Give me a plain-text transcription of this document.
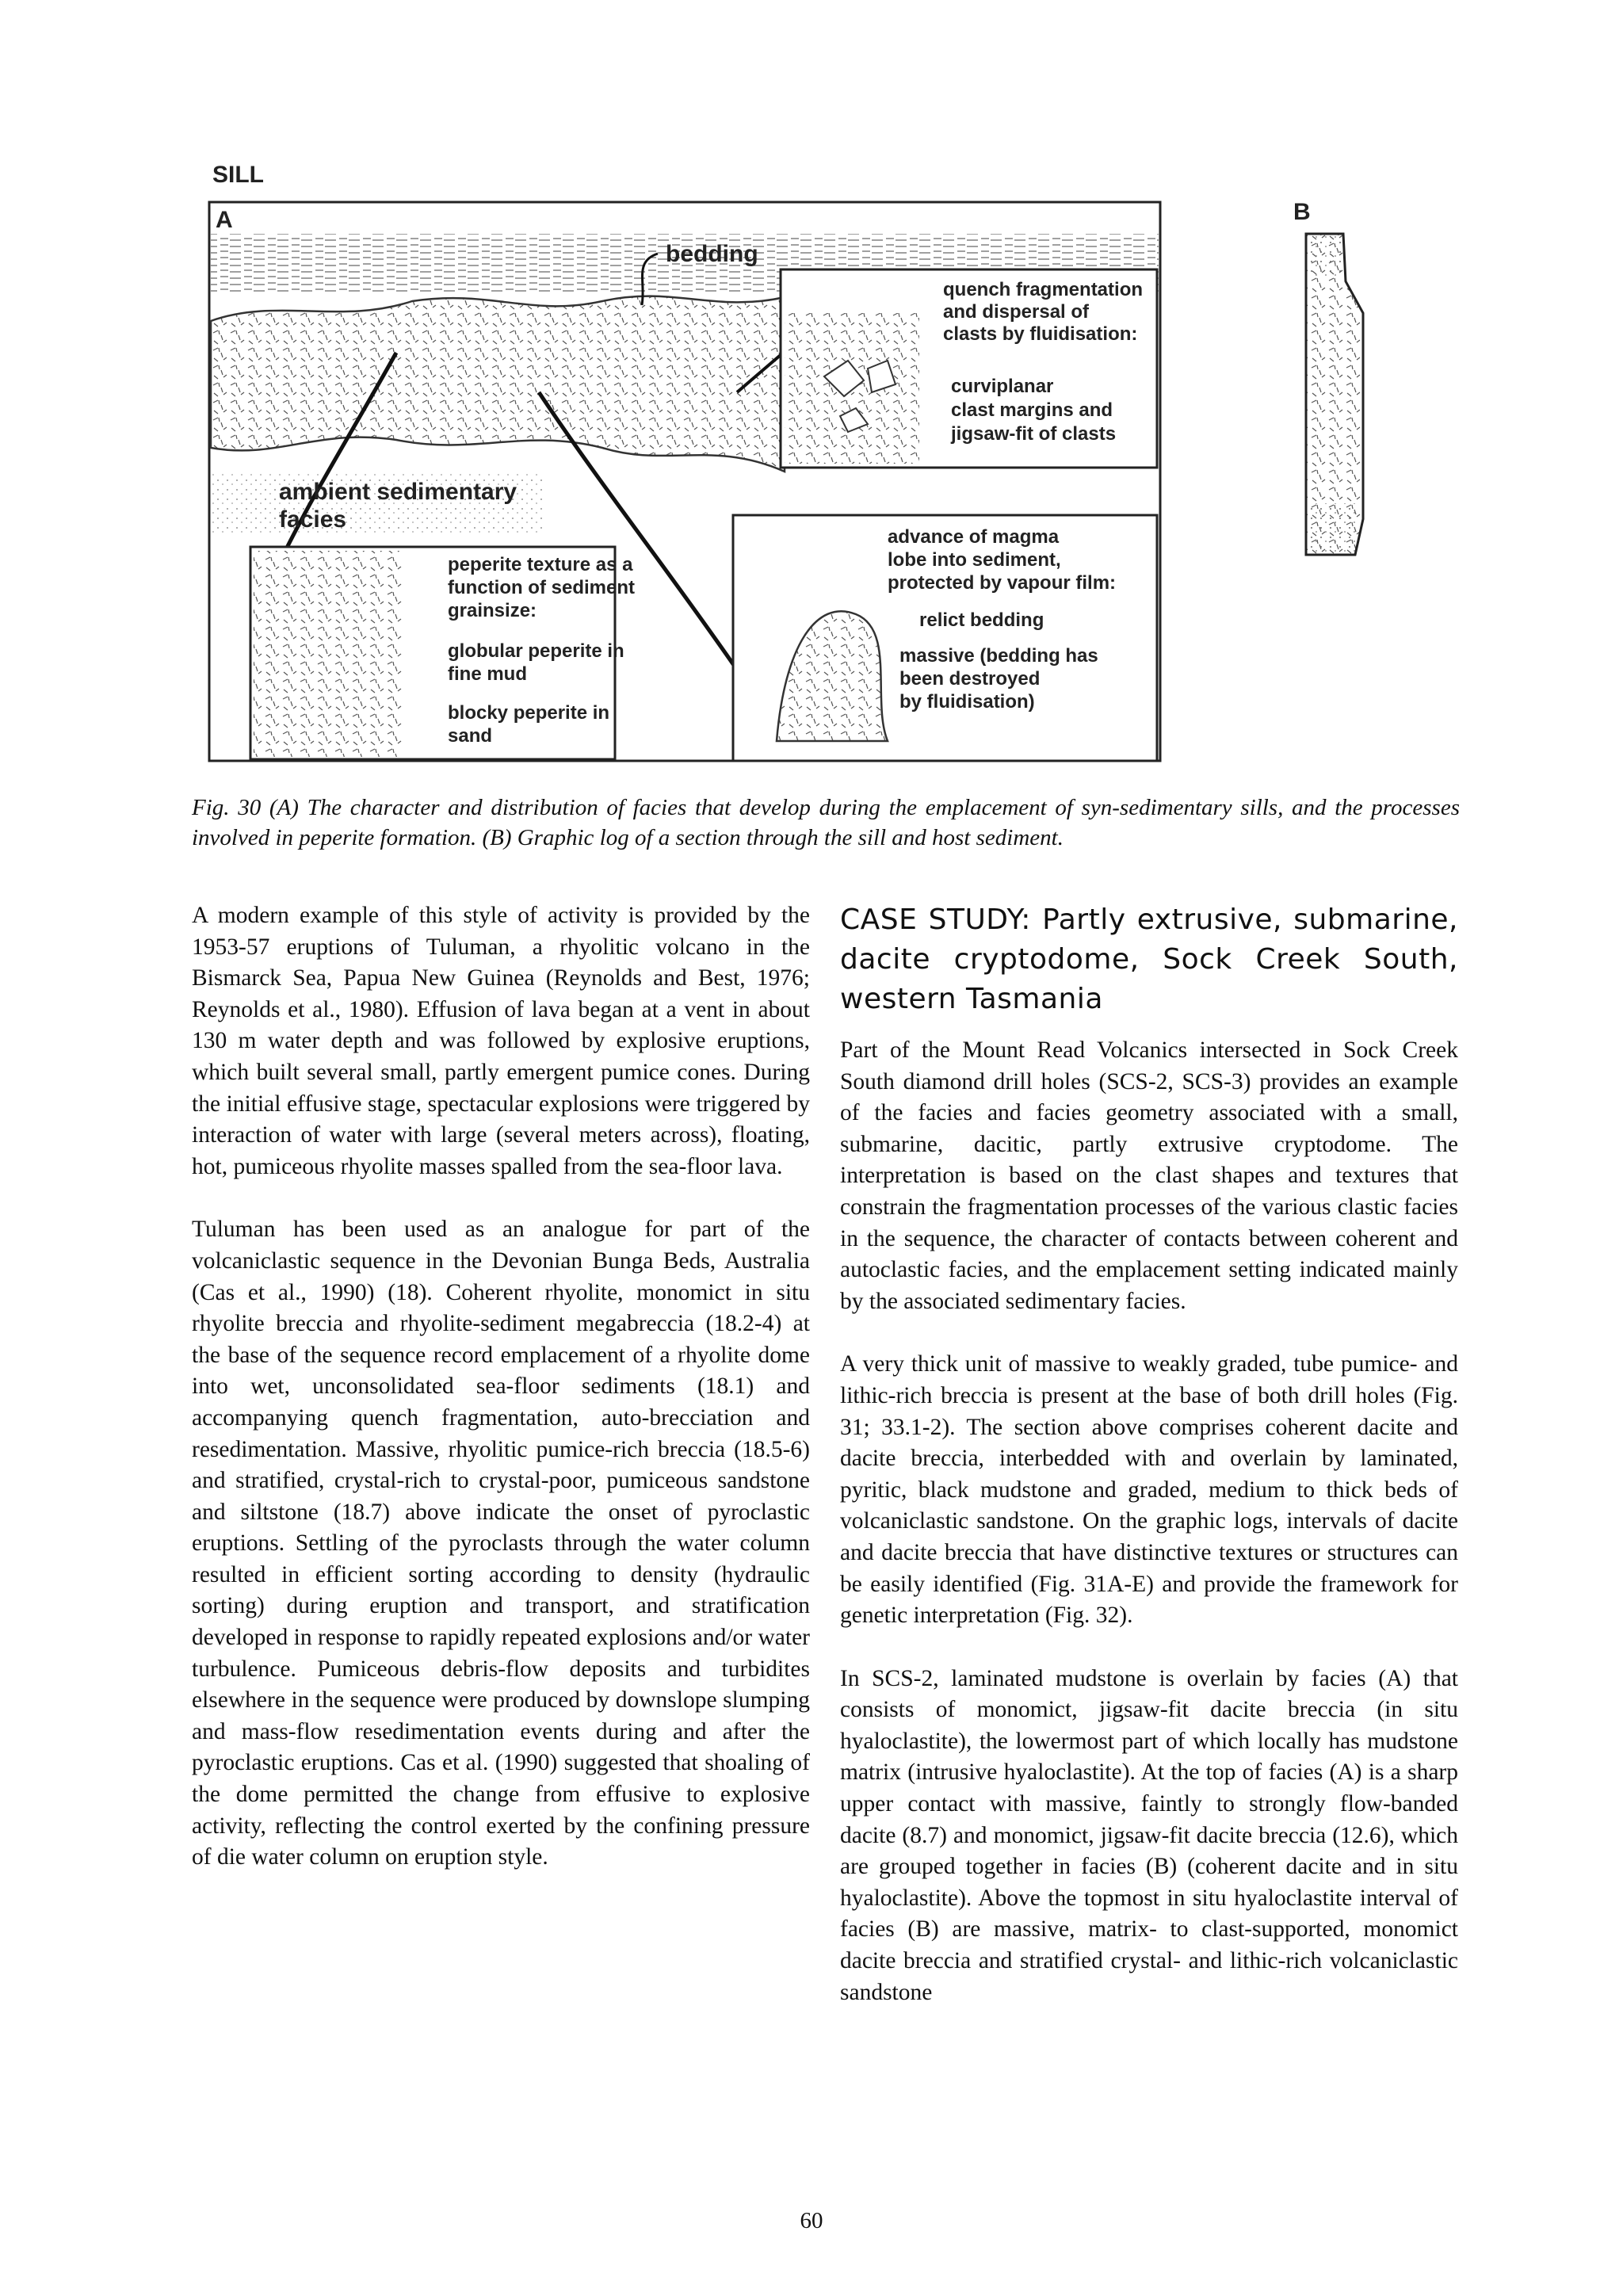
SILL
A
bedding
quench fragmentation and dispersal of clasts by fluidisation:
curviplanar clast margins and jigsaw-fit of clasts
ambient sedimentary facies
peperite texture as a function of sediment grainsize:
globular peperite in fine mud
blocky peperite in sand
advance of magma lobe into sediment, protected by vapour film:
relict bedding
massive (bedding has been destroyed by fluidisation)
B
Fig. 30 (A) The character and distribution of facies that develop during the emplacement of syn-sedimentary sills, and the processes involved in peperite formation. (B) Graphic log of a section through the sill and host sediment.

A modern example of this style of activity is provided by the 1953-57 eruptions of Tuluman, a rhyolitic volcano in the Bismarck Sea, Papua New Guinea (Reynolds and Best, 1976; Reynolds et al., 1980). Effusion of lava began at a vent in about 130 m water depth and was followed by explosive eruptions, which built several small, partly emergent pumice cones. During the initial effusive stage, spectacular explosions were triggered by interaction of water with large (several meters across), floating, hot, pumiceous rhyolite masses spalled from the sea-floor lava.

Tuluman has been used as an analogue for part of the volcaniclastic sequence in the Devonian Bunga Beds, Australia (Cas et al., 1990) (18). Coherent rhyolite, monomict in situ rhyolite breccia and rhyolite-sediment megabreccia (18.2-4) at the base of the sequence record emplacement of a rhyolite dome into wet, unconsolidated sea-floor sediments (18.1) and accompanying quench fragmentation, auto-brecciation and resedimentation. Massive, rhyolitic pumice-rich breccia (18.5-6) and stratified, crystal-rich to crystal-poor, pumiceous sandstone and siltstone (18.7) above indicate the onset of pyroclastic eruptions. Settling of the pyroclasts through the water column resulted in efficient sorting according to density (hydraulic sorting) during eruption and transport, and stratification developed in response to rapidly repeated explosions and/or water turbulence. Pumiceous debris-flow deposits and turbidites elsewhere in the sequence were produced by downslope slumping and mass-flow resedimentation events during and after the pyroclastic eruptions. Cas et al. (1990) suggested that shoaling of the dome permitted the change from effusive to explosive activity, reflecting the control exerted by the confining pressure of die water column on eruption style.

CASE STUDY: Partly extrusive, submarine, dacite cryptodome, Sock Creek South, western Tasmania

Part of the Mount Read Volcanics intersected in Sock Creek South diamond drill holes (SCS-2, SCS-3) provides an example of the facies and facies geometry associated with a small, submarine, dacitic, partly extrusive cryptodome. The interpretation is based on the clast shapes and textures that constrain the fragmentation processes of the various clastic facies in the sequence, the character of contacts between coherent and autoclastic facies, and the emplacement setting indicated mainly by the associated sedimentary facies.

A very thick unit of massive to weakly graded, tube pumice- and lithic-rich breccia is present at the base of both drill holes (Fig. 31; 33.1-2). The section above comprises coherent dacite and dacite breccia, interbedded with and overlain by laminated, pyritic, black mudstone and graded, medium to thick beds of volcaniclastic sandstone. On the graphic logs, intervals of dacite and dacite breccia that have distinctive textures or structures can be easily identified (Fig. 31A-E) and provide the framework for genetic interpretation (Fig. 32).

In SCS-2, laminated mudstone is overlain by facies (A) that consists of monomict, jigsaw-fit dacite breccia (in situ hyaloclastite), the lowermost part of which locally has mudstone matrix (intrusive hyaloclastite). At the top of facies (A) is a sharp upper contact with massive, faintly to strongly flow-banded dacite (8.7) and monomict, jigsaw-fit dacite breccia (12.6), which are grouped together in facies (B) (coherent dacite and in situ hyaloclastite). Above the topmost in situ hyaloclastite interval of facies (B) are massive, matrix- to clast-supported, monomict dacite breccia and stratified crystal- and lithic-rich volcaniclastic sandstone

60
